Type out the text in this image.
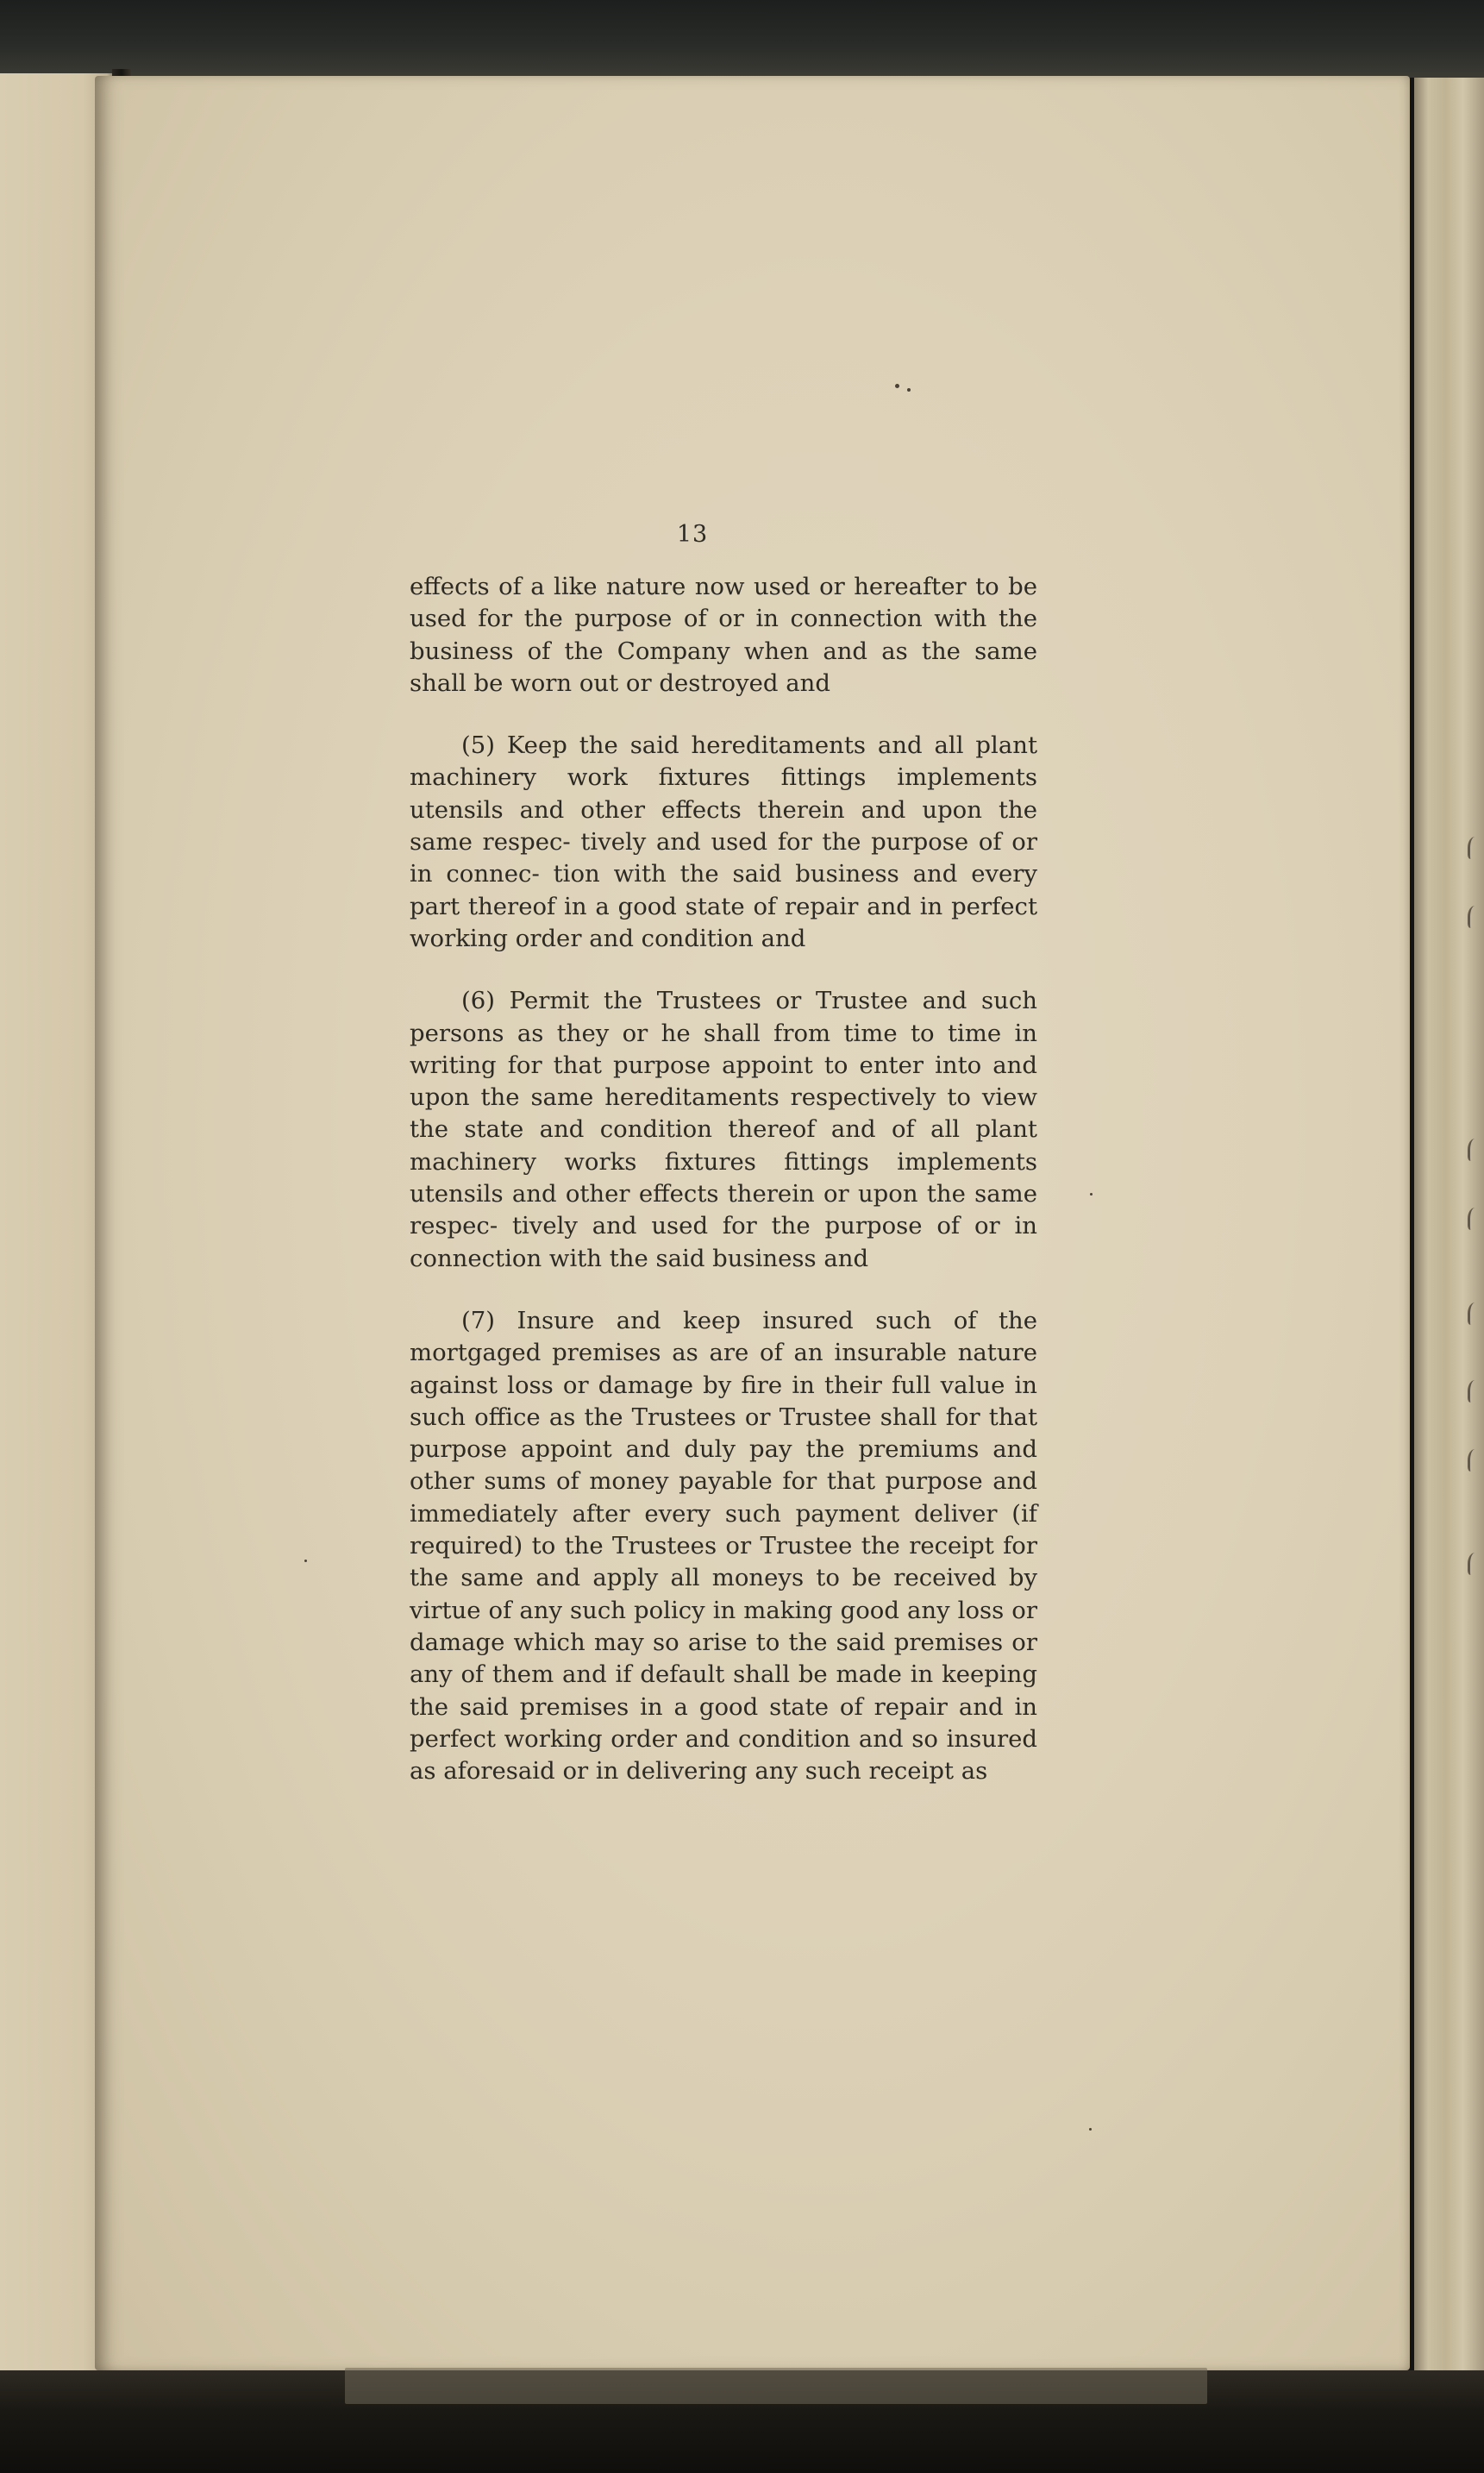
13

effects of a like nature now used or hereafter to be used for the purpose of or in connection with the business of the Company when and as the same shall be worn out or destroyed and

(5) Keep the said hereditaments and all plant machinery work fixtures fittings implements utensils and other effects therein and upon the same respec- tively and used for the purpose of or in connec- tion with the said business and every part thereof in a good state of repair and in perfect working order and condition and

(6) Permit the Trustees or Trustee and such persons as they or he shall from time to time in writing for that purpose appoint to enter into and upon the same hereditaments respectively to view the state and condition thereof and of all plant machinery works fixtures fittings implements utensils and other effects therein or upon the same respec- tively and used for the purpose of or in connection with the said business and

(7) Insure and keep insured such of the mortgaged premises as are of an insurable nature against loss or damage by fire in their full value in such office as the Trustees or Trustee shall for that purpose appoint and duly pay the premiums and other sums of money payable for that purpose and immediately after every such payment deliver (if required) to the Trustees or Trustee the receipt for the same and apply all moneys to be received by virtue of any such policy in making good any loss or damage which may so arise to the said premises or any of them and if default shall be made in keeping the said premises in a good state of repair and in perfect working order and condition and so insured as aforesaid or in delivering any such receipt as
